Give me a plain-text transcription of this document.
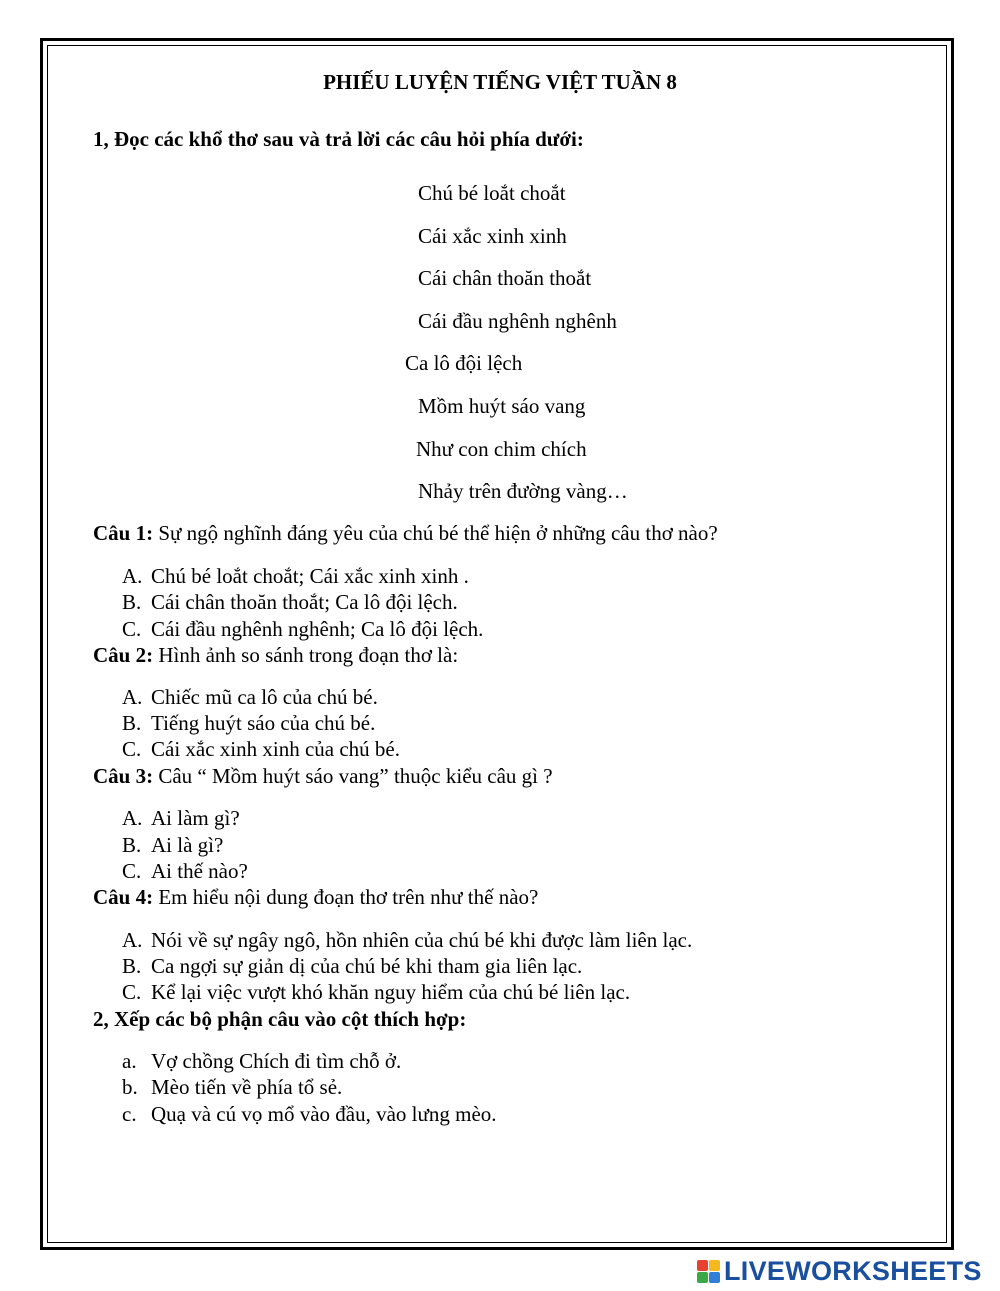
PHIẾU LUYỆN TIẾNG VIỆT TUẦN 8
1, Đọc các khổ thơ sau và trả lời các câu hỏi phía dưới:
Chú bé loắt choắt
Cái xắc xinh xinh
Cái chân thoăn thoắt
Cái đầu nghênh nghênh
Ca lô đội lệch
Mồm huýt sáo vang
Như con chim chích
Nhảy trên đường vàng…
Câu 1: Sự ngộ nghĩnh đáng yêu của chú bé thể hiện ở những câu thơ nào?
A. Chú bé loắt choắt; Cái xắc xinh xinh .
B. Cái chân thoăn thoắt; Ca lô đội lệch.
C. Cái đầu nghênh nghênh; Ca lô đội lệch.
Câu 2: Hình ảnh so sánh trong đoạn thơ là:
A. Chiếc mũ ca lô của chú bé.
B. Tiếng huýt sáo của chú bé.
C. Cái xắc xinh xinh của chú bé.
Câu 3: Câu “ Mồm huýt sáo vang” thuộc kiểu câu gì ?
A. Ai làm gì?
B. Ai là gì?
C. Ai thế nào?
Câu 4: Em hiểu nội dung đoạn thơ trên như thế nào?
A. Nói về sự ngây ngô, hồn nhiên của chú bé khi được làm liên lạc.
B. Ca ngợi sự giản dị của chú bé khi tham gia liên lạc.
C. Kể lại việc vượt khó khăn nguy hiểm của chú bé liên lạc.
2, Xếp các bộ phận câu vào cột thích hợp:
a. Vợ chồng Chích đi tìm chỗ ở.
b. Mèo tiến về phía tổ sẻ.
c. Quạ và cú vọ mổ vào đầu, vào lưng mèo.
LIVEWORKSHEETS
